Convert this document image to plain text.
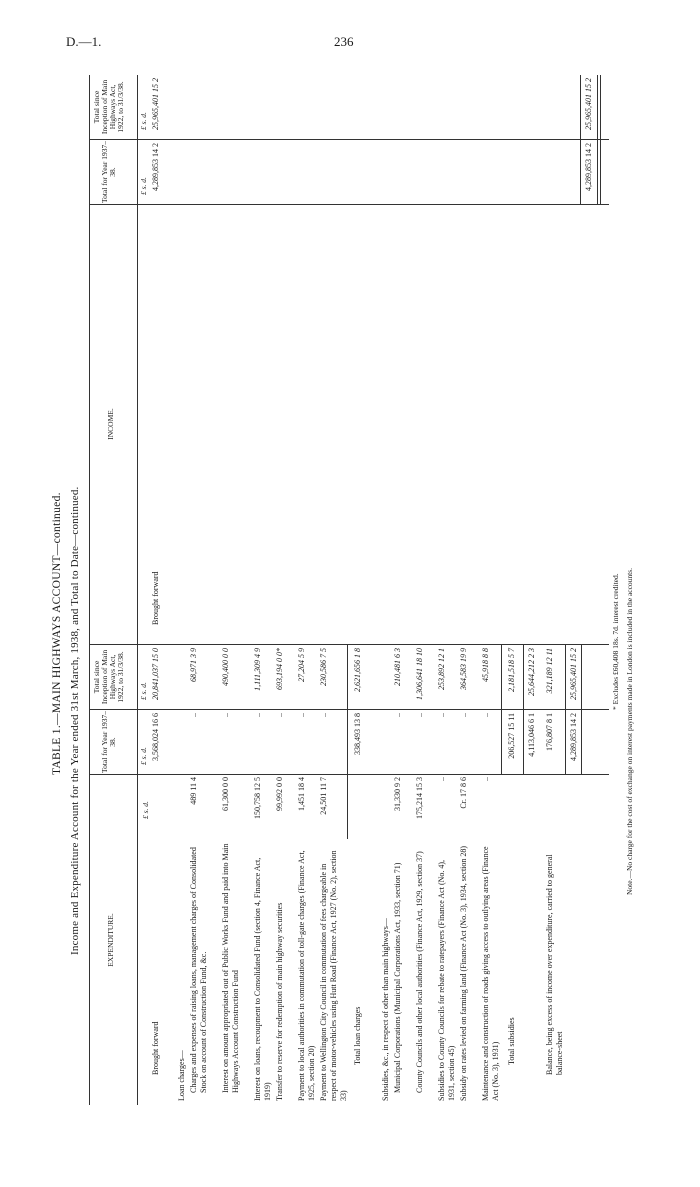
D.—1.	236
TABLE 1.—MAIN HIGHWAYS ACCOUNT—continued. Income and Expenditure Account for the Year ended 31st March, 1938, and Total to Date—continued.	EXPENDITURE.
Total for Year 1937–38.
Total since Inception of Main Highways Act, 1922, to 31/3/38.
INCOME.
Total for Year 1937–38.
Total since Inception of Main Highways Act, 1922, to 31/3/38.
£ s. d.
£ s. d.
£ s. d.
£ s. d.
£ s. d.
Brought forward
3,568,024 16 6
20,841,037 15 0
Loan charges— Charges and expenses of raising loans, management charges of Consolidated Stock on account of Construction Fund, &c.
489 11 4
..
68,971 3 9
Interest on amount appropriated out of Public Works Fund and paid into Main Highways Account Construction Fund
61,300 0 0
..
490,400 0 0
Interest on loans, recoupment to Consolidated Fund (section 4, Finance Act, 1919)
150,758 12 5
..
1,111,309 4 9
Transfer to reserve for redemption of main highway securities
99,992 0 0
..
693,194 0 0*
Payment to local authorities in commutation of toll-gate charges (Finance Act, 1925, section 20)
1,451 18 4
..
27,204 5 9
Payment to Wellington City Council in commutation of fees chargeable in respect of motor-vehicles using Hutt Road (Finance Act, 1927 (No. 2), section 33)
24,501 11 7
..
230,586 7 5
Total loan charges
338,493 13 8
2,621,656 1 8
Subsidies, &c., in respect of other than main highways— Municipal Corporations (Municipal Corporations Act, 1933, section 71)
31,330 9 2
..
210,481 6 3
County Councils and other local authorities (Finance Act, 1929, section 37)
175,214 15 3
..
1,306,641 18 10
Subsidies to County Councils for rebate to ratepayers (Finance Act (No. 4), 1931, section 45)
..
..
253,892 12 1
Subsidy on rates levied on farming land (Finance Act (No. 3), 1934, section 28)
Cr. 17 8 6
..
364,583 19 9
Maintenance and construction of roads giving access to outlying areas (Finance Act (No. 3), 1931)
..
..
45,918 8 8
Total subsidies
206,527 15 11
2,181,518 5 7
4,113,046 6 1
25,644,212 2 3
Balance, being excess of income over expenditure, carried to general balance-sheet
176,807 8 1
321,189 12 11
4,289,853 14 2
25,965,401 15 2
Brought forward
4,289,853 14 2
25,965,401 15 2
4,289,853 14 2
25,965,401 15 2
* Excludes £60,408 18s. 7d. interest credited. Note.—No charge for the cost of exchange on interest payments made in London is included in the accounts.
